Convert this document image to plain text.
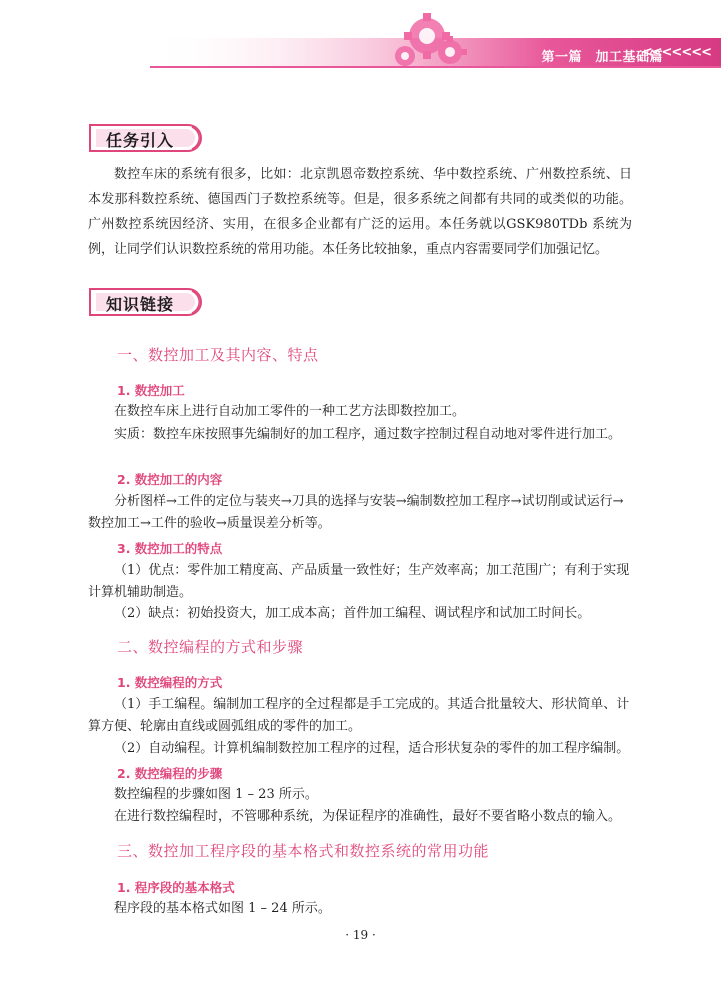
第一篇　加工基础篇
<<<<<<<
任务引入

数控车床的系统有很多，比如：北京凯恩帝数控系统、华中数控系统、广州数控系统、日本发那科数控系统、德国西门子数控系统等。但是，很多系统之间都有共同的或类似的功能。广州数控系统因经济、实用，在很多企业都有广泛的运用。本任务就以GSK980TDb 系统为例，让同学们认识数控系统的常用功能。本任务比较抽象，重点内容需要同学们加强记忆。

知识链接
一、数控加工及其内容、特点
1. 数控加工
在数控车床上进行自动加工零件的一种工艺方法即数控加工。
实质：数控车床按照事先编制好的加工程序，通过数字控制过程自动地对零件进行加工。
2. 数控加工的内容
分析图样→工件的定位与装夹→刀具的选择与安装→编制数控加工程序→试切削或试运行→数控加工→工件的验收→质量误差分析等。
3. 数控加工的特点
（1）优点：零件加工精度高、产品质量一致性好；生产效率高；加工范围广；有利于实现计算机辅助制造。
（2）缺点：初始投资大，加工成本高；首件加工编程、调试程序和试加工时间长。
二、数控编程的方式和步骤
1. 数控编程的方式
（1）手工编程。编制加工程序的全过程都是手工完成的。其适合批量较大、形状简单、计算方便、轮廓由直线或圆弧组成的零件的加工。
（2）自动编程。计算机编制数控加工程序的过程，适合形状复杂的零件的加工程序编制。
2. 数控编程的步骤
数控编程的步骤如图 1 – 23 所示。
在进行数控编程时，不管哪种系统，为保证程序的准确性，最好不要省略小数点的输入。
三、数控加工程序段的基本格式和数控系统的常用功能
1. 程序段的基本格式
程序段的基本格式如图 1 – 24 所示。
· 19 ·
